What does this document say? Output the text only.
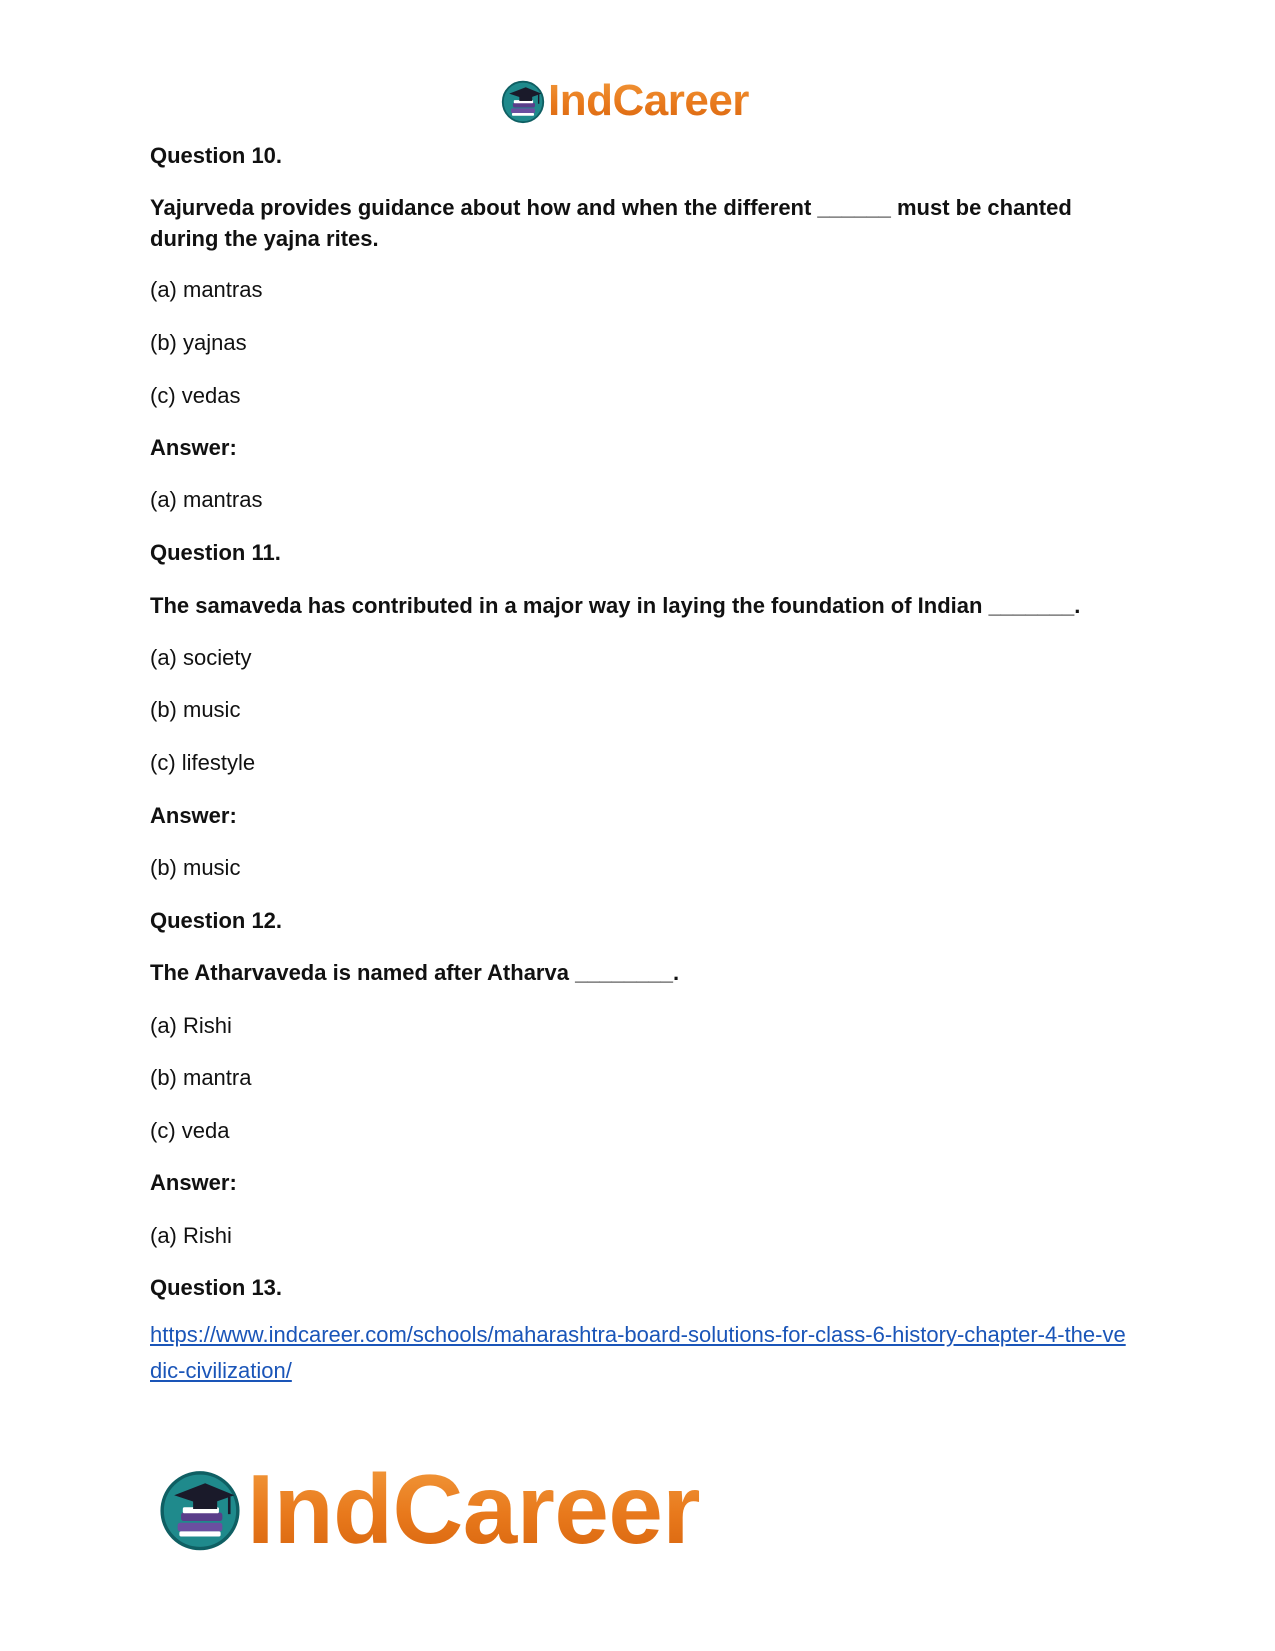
IndCareer
Question 10.
Yajurveda provides guidance about how and when the different ______ must be chanted during the yajna rites.
(a) mantras
(b) yajnas
(c) vedas
Answer:
(a) mantras
Question 11.
The samaveda has contributed in a major way in laying the foundation of Indian _______.
(a) society
(b) music
(c) lifestyle
Answer:
(b) music
Question 12.
The Atharvaveda is named after Atharva ________.
(a) Rishi
(b) mantra
(c) veda
Answer:
(a) Rishi
Question 13.
https://www.indcareer.com/schools/maharashtra-board-solutions-for-class-6-history-chapter-4-the-vedic-civilization/
IndCareer
